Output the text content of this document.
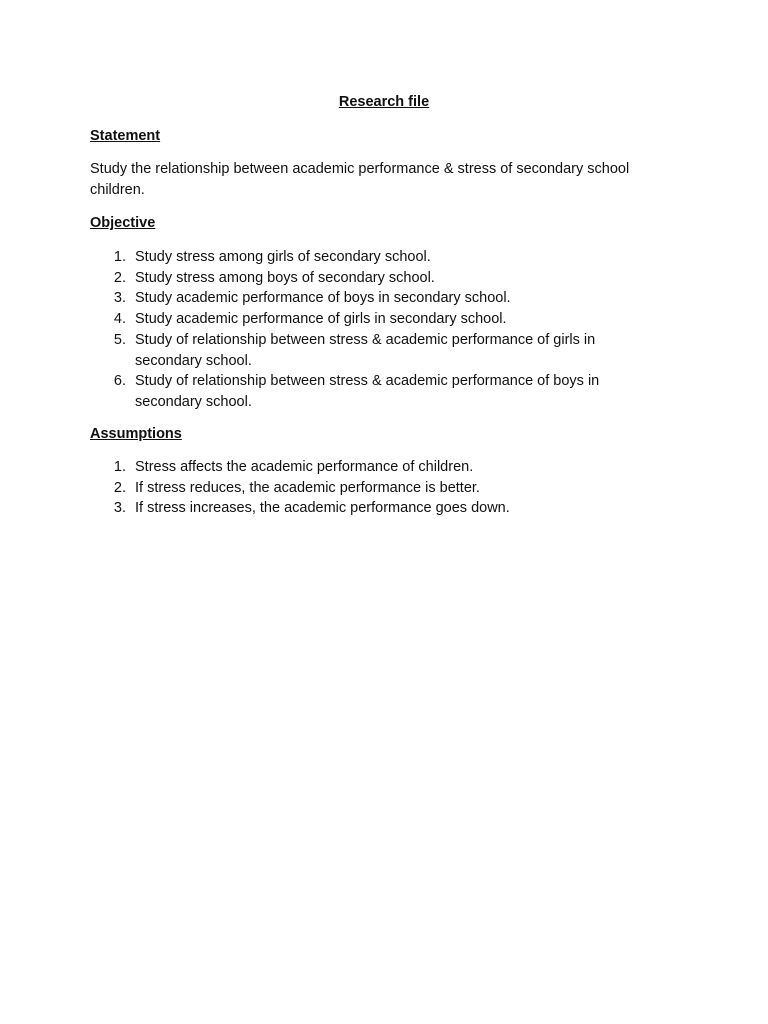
Research file
Statement

Study the relationship between academic performance & stress of secondary school children.

Objective
1. Study stress among girls of secondary school.
2. Study stress among boys of secondary school.
3. Study academic performance of boys in secondary school.
4. Study academic performance of girls in secondary school.
5. Study of relationship between stress & academic performance of girls in secondary school.
6. Study of relationship between stress & academic performance of boys in secondary school.
Assumptions
1. Stress affects the academic performance of children.
2. If stress reduces, the academic performance is better.
3. If stress increases, the academic performance goes down.
